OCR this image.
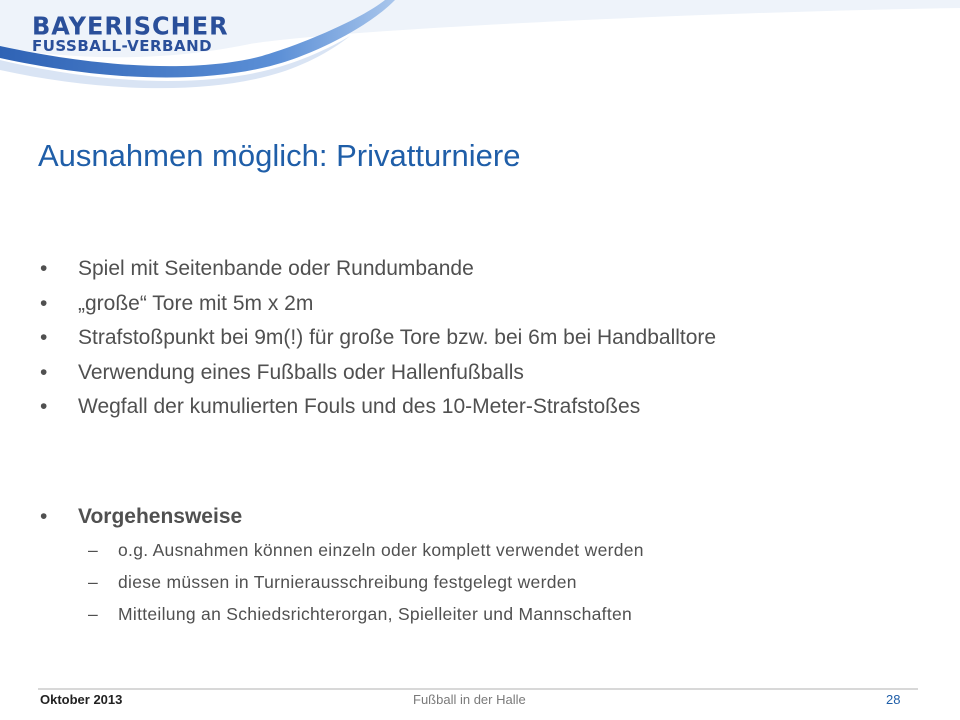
BAYERISCHER
FUSSBALL-VERBAND
Ausnahmen möglich: Privatturniere
• Spiel mit Seitenbande oder Rundumbande
• „große“ Tore mit 5m x 2m
• Strafstoßpunkt bei 9m(!) für große Tore bzw. bei 6m bei Handballtore
• Verwendung eines Fußballs oder Hallenfußballs
• Wegfall der kumulierten Fouls und des 10-Meter-Strafstoßes
• Vorgehensweise
– o.g. Ausnahmen können einzeln oder komplett verwendet werden
– diese müssen in Turnierausschreibung festgelegt werden
– Mitteilung an Schiedsrichterorgan, Spielleiter und Mannschaften
Oktober 2013	Fußball in der Halle	28
